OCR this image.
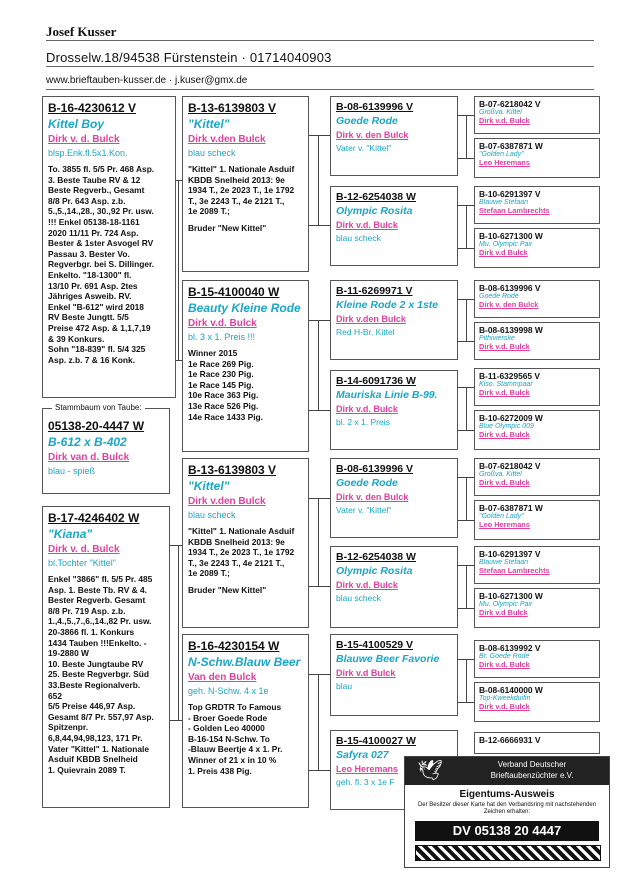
Josef Kusser
Drosselw.18/94538 Fürstenstein · 01714040903
www.brieftauben-kusser.de · j.kuser@gmx.de
B-16-4230612 V
Kittel Boy
Dirk v. d. Bulck
blsp.Enk.fl.5x1.Kon.
To. 3855 fl. 5/5 Pr. 468 Asp.
3. Beste Taube RV & 12
Beste Regverb., Gesamt
8/8 Pr. 643 Asp. z.b.
5.,5.,14.,28., 30.,92 Pr. usw.
!!! Enkel 05138-18-1161
2020 11/11 Pr. 724 Asp.
Bester & 1ster Asvogel RV
Passau 3. Bester Vo.
Regverbgr. bei S. Dillinger.
Enkelto. "18-1300" fl.
13/10 Pr. 691 Asp. 2tes
Jähriges Asweib. RV.
Enkel "B-612" wird 2018
RV Beste Jungtt. 5/5
Preise 472 Asp. & 1,1,7,19
& 39 Konkurs.
Sohn "18-839" fl. 5/4 325
Asp. z.b. 7 & 16 Konk.
05138-20-4447 W
B-612 x B-402
Dirk van d. Bulck
blau - spieß
Stammbaum von Taube:
B-17-4246402 W
"Kiana"
Dirk v. d. Bulck
bl.Tochter "Kittel"
Enkel "3866" fl. 5/5 Pr. 485
Asp. 1. Beste Tb. RV & 4.
Bester Regverb. Gesamt
8/8 Pr. 719 Asp. z.b.
1.,4.,5.,7.,6.,14.,82 Pr. usw.
20-3866 fl. 1. Konkurs
1434 Tauben !!!Enkelto. -
19-2880 W
10. Beste Jungtaube RV
25. Beste Regverbgr. Süd
33.Beste Regionalverb.
652
5/5 Preise 446,97 Asp.
Gesamt 8/7 Pr. 557,97 Asp.
Spitzenpr.
6,8,44,94,98,123, 171 Pr.
Vater "Kittel" 1. Nationale
Asduif KBDB Snelheid
1. Quievrain 2089 T.
B-13-6139803 V
"Kittel"
Dirk v.den Bulck
blau scheck
"Kittel" 1. Nationale Asduif
KBDB Snelheid 2013: 9e
1934 T., 2e 2023 T., 1e 1792
T., 3e 2243 T., 4e 2121 T.,
1e 2089 T.;
Bruder "New Kittel"
B-15-4100040 W
Beauty Kleine Rode
Dirk v.d. Bulck
bl. 3 x 1. Preis !!!
Winner 2015
1e Race 269 Pig.
1e Race 230 Pig.
1e Race 145 Pig.
10e Race 363 Pig.
13e Race 526 Pig.
14e Race 1433 Pig.
B-13-6139803 V
"Kittel"
Dirk v.den Bulck
blau scheck
"Kittel" 1. Nationale Asduif
KBDB Snelheid 2013: 9e
1934 T., 2e 2023 T., 1e 1792
T., 3e 2243 T., 4e 2121 T.,
1e 2089 T.;
Bruder "New Kittel"
B-16-4230154 W
N-Schw.Blauw Beer
Van den Bulck
geh. N-Schw. 4 x 1e
Top GRDTR To Famous
- Broer Goede Rode
- Golden Leo 40000
B-16-154 N-Schw. To
-Blauw Beertje 4 x 1. Pr.
Winner of 21 x in 10 %
1. Preis 438 Pig.
B-08-6139996 V
Goede Rode
Dirk v. den Bulck
Vater v. "Kittel"
B-12-6254038 W
Olympic Rosita
Dirk v.d. Bulck
blau scheck
B-11-6269971 V
Kleine Rode 2 x 1ste
Dirk v.den Bulck
Red H-Br. Kittel
B-14-6091736 W
Mauriska Linie B-99.
Dirk v.d. Bulck
bl. 2 x 1. Preis
B-08-6139996 V
Goede Rode
Dirk v. den Bulck
Vater v. "Kittel"
B-12-6254038 W
Olympic Rosita
Dirk v.d. Bulck
blau scheck
B-15-4100529 V
Blauwe Beer Favorie
Dirk v.d Bulck
blau
B-15-4100027 W
Safyra 027
Leo Heremans
geh. fl. 3 x 1e F
B-07-6218042 V
Großva. Kittel
Dirk v.d. Bulck
B-07-6387871 W
"Golden Lady"
Leo Heremans
B-10-6291397 V
Blauwe Stefaan
Stefaan Lambrechts
B-10-6271300 W
Mu. Olympic Pair
Dirk v.d Bulck
B-08-6139996 V
Goede Rode
Dirk v. den Bulck
B-08-6139998 W
Pithivierske
Dirk v.d. Bulck
B-11-6329565 V
Kiso. Stammpaar
Dirk v.d. Bulck
B-10-6272009 W
Blue Olympic 009
Dirk v.d. Bulck
B-07-6218042 V
Großva. Kittel
Dirk v.d. Bulck
B-07-6387871 W
"Golden Lady"
Leo Heremans
B-10-6291397 V
Blauwe Stefaan
Stefaan Lambrechts
B-10-6271300 W
Mu. Olympic Pair
Dirk v.d Bulck
B-08-6139992 V
Br. Goede Rode
Dirk v.d. Bulck
B-08-6140000 W
Top-Kweekduifin
Dirk v.d. Bulck
B-12-6666931 V
🕊	Verband Deutscher
Brieftaubenzüchter e.V.
Eigentums-Ausweis
Der Besitzer dieser Karte hat den Verbandsring mit nachstehenden Zeichen erhalten:
DV 05138 20 4447
